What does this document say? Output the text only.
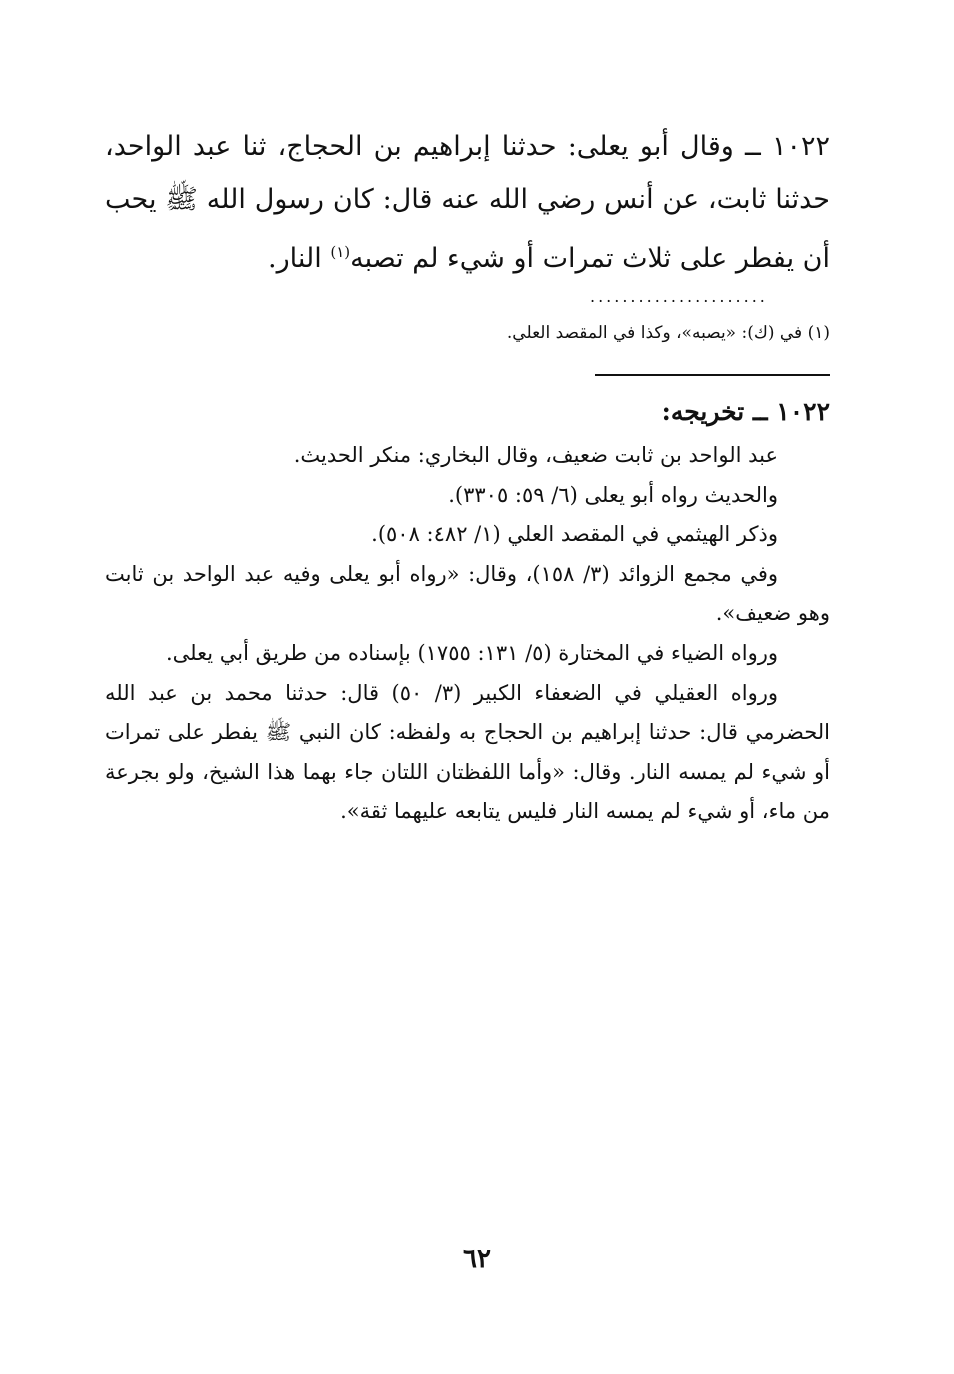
١٠٢٢ ــ وقال أبو يعلى: حدثنا إبراهيم بن الحجاج، ثنا عبد الواحد، حدثنا ثابت، عن أنس رضي الله عنه قال: كان رسول الله ﷺ يحب أن يفطر على ثلاث تمرات أو شيء لم تصبه$^{(١)}$ النار.

......................
(١) في (ك): «يصبه»، وكذا في المقصد العلي.
١٠٢٢ ــ تخريجه:

عبد الواحد بن ثابت ضعيف، وقال البخاري: منكر الحديث.

والحديث رواه أبو يعلى (٦/ ٥٩: ٣٣٠٥).

وذكر الهيثمي في المقصد العلي (١/ ٤٨٢: ٥٠٨).

وفي مجمع الزوائد (٣/ ١٥٨)، وقال: «رواه أبو يعلى وفيه عبد الواحد بن ثابت وهو ضعيف».

ورواه الضياء في المختارة (٥/ ١٣١: ١٧٥٥) بإسناده من طريق أبي يعلى.

ورواه العقيلي في الضعفاء الكبير (٣/ ٥٠) قال: حدثنا محمد بن عبد الله الحضرمي قال: حدثنا إبراهيم بن الحجاج به ولفظه: كان النبي ﷺ يفطر على تمرات أو شيء لم يمسه النار. وقال: «وأما اللفظتان اللتان جاء بهما هذا الشيخ، ولو بجرعة من ماء، أو شيء لم يمسه النار فليس يتابعه عليهما ثقة».

٦٢
